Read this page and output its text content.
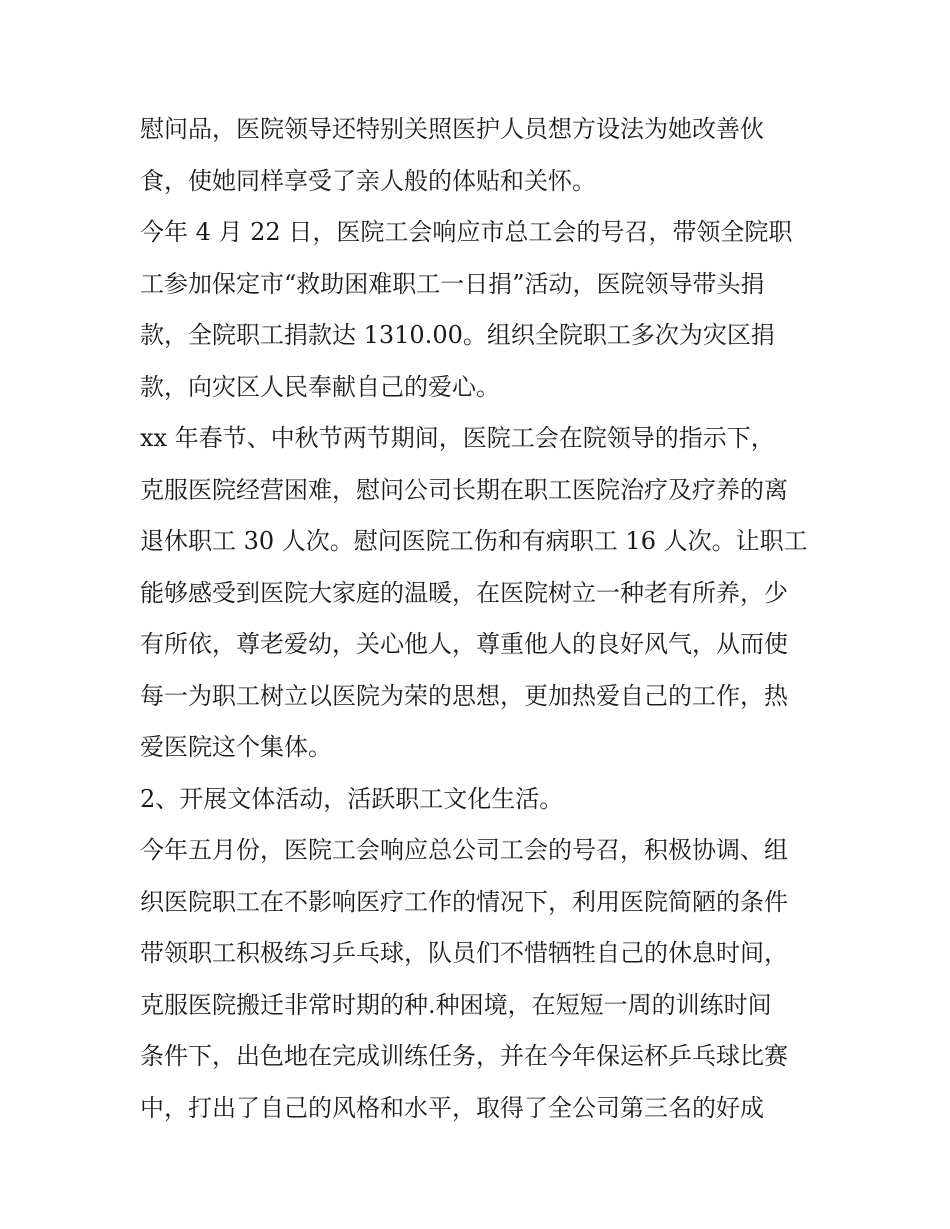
慰问品，医院领导还特别关照医护人员想方设法为她改善伙

食，使她同样享受了亲人般的体贴和关怀。

今年 4 月 22 日，医院工会响应市总工会的号召，带领全院职

工参加保定市“救助困难职工一日捐”活动，医院领导带头捐

款，全院职工捐款达 1310.00。组织全院职工多次为灾区捐

款，向灾区人民奉献自己的爱心。

xx 年春节、中秋节两节期间，医院工会在院领导的指示下，

克服医院经营困难，慰问公司长期在职工医院治疗及疗养的离

退休职工 30 人次。慰问医院工伤和有病职工 16 人次。让职工

能够感受到医院大家庭的温暖，在医院树立一种老有所养，少

有所依，尊老爱幼，关心他人，尊重他人的良好风气，从而使

每一为职工树立以医院为荣的思想，更加热爱自己的工作，热

爱医院这个集体。

2、开展文体活动，活跃职工文化生活。

今年五月份，医院工会响应总公司工会的号召，积极协调、组

织医院职工在不影响医疗工作的情况下，利用医院简陋的条件

带领职工积极练习乒乓球，队员们不惜牺牲自己的休息时间，

克服医院搬迁非常时期的种.种困境，在短短一周的训练时间

条件下，出色地在完成训练任务，并在今年保运杯乒乓球比赛

中，打出了自己的风格和水平，取得了全公司第三名的好成
